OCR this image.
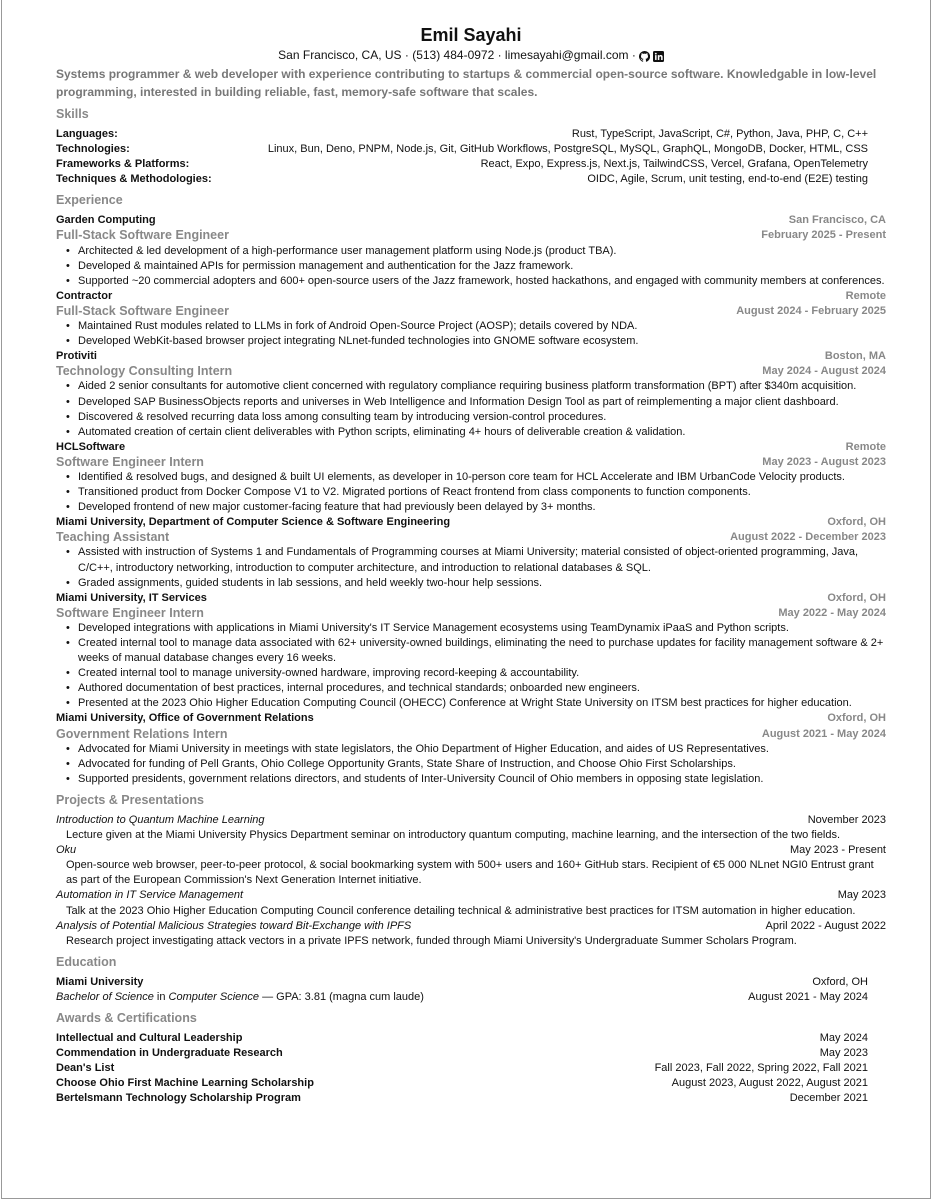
Emil Sayahi
San Francisco, CA, US · (513) 484-0972 · limesayahi@gmail.com ·
Systems programmer & web developer with experience contributing to startups & commercial open-source software. Knowledgable in low-level programming, interested in building reliable, fast, memory-safe software that scales.
Skills
Languages:	Rust, TypeScript, JavaScript, C#, Python, Java, PHP, C, C++
Technologies:	Linux, Bun, Deno, PNPM, Node.js, Git, GitHub Workflows, PostgreSQL, MySQL, GraphQL, MongoDB, Docker, HTML, CSS
Frameworks & Platforms:	React, Expo, Express.js, Next.js, TailwindCSS, Vercel, Grafana, OpenTelemetry
Techniques & Methodologies:	OIDC, Agile, Scrum, unit testing, end-to-end (E2E) testing
Experience
Garden Computing	San Francisco, CA
Full-Stack Software Engineer	February 2025 - Present
• Architected & led development of a high-performance user management platform using Node.js (product TBA).
• Developed & maintained APIs for permission management and authentication for the Jazz framework.
• Supported ~20 commercial adopters and 600+ open-source users of the Jazz framework, hosted hackathons, and engaged with community members at conferences.
Contractor	Remote
Full-Stack Software Engineer	August 2024 - February 2025
• Maintained Rust modules related to LLMs in fork of Android Open-Source Project (AOSP); details covered by NDA.
• Developed WebKit-based browser project integrating NLnet-funded technologies into GNOME software ecosystem.
Protiviti	Boston, MA
Technology Consulting Intern	May 2024 - August 2024
• Aided 2 senior consultants for automotive client concerned with regulatory compliance requiring business platform transformation (BPT) after $340m acquisition.
• Developed SAP BusinessObjects reports and universes in Web Intelligence and Information Design Tool as part of reimplementing a major client dashboard.
• Discovered & resolved recurring data loss among consulting team by introducing version-control procedures.
• Automated creation of certain client deliverables with Python scripts, eliminating 4+ hours of deliverable creation & validation.
HCLSoftware	Remote
Software Engineer Intern	May 2023 - August 2023
• Identified & resolved bugs, and designed & built UI elements, as developer in 10-person core team for HCL Accelerate and IBM UrbanCode Velocity products.
• Transitioned product from Docker Compose V1 to V2. Migrated portions of React frontend from class components to function components.
• Developed frontend of new major customer-facing feature that had previously been delayed by 3+ months.
Miami University, Department of Computer Science & Software Engineering	Oxford, OH
Teaching Assistant	August 2022 - December 2023
• Assisted with instruction of Systems 1 and Fundamentals of Programming courses at Miami University; material consisted of object-oriented programming, Java, C/C++, introductory networking, introduction to computer architecture, and introduction to relational databases & SQL.
• Graded assignments, guided students in lab sessions, and held weekly two-hour help sessions.
Miami University, IT Services	Oxford, OH
Software Engineer Intern	May 2022 - May 2024
• Developed integrations with applications in Miami University's IT Service Management ecosystems using TeamDynamix iPaaS and Python scripts.
• Created internal tool to manage data associated with 62+ university-owned buildings, eliminating the need to purchase updates for facility management software & 2+ weeks of manual database changes every 16 weeks.
• Created internal tool to manage university-owned hardware, improving record-keeping & accountability.
• Authored documentation of best practices, internal procedures, and technical standards; onboarded new engineers.
• Presented at the 2023 Ohio Higher Education Computing Council (OHECC) Conference at Wright State University on ITSM best practices for higher education.
Miami University, Office of Government Relations	Oxford, OH
Government Relations Intern	August 2021 - May 2024
• Advocated for Miami University in meetings with state legislators, the Ohio Department of Higher Education, and aides of US Representatives.
• Advocated for funding of Pell Grants, Ohio College Opportunity Grants, State Share of Instruction, and Choose Ohio First Scholarships.
• Supported presidents, government relations directors, and students of Inter-University Council of Ohio members in opposing state legislation.
Projects & Presentations
Introduction to Quantum Machine Learning	November 2023
Lecture given at the Miami University Physics Department seminar on introductory quantum computing, machine learning, and the intersection of the two fields.
Oku	May 2023 - Present
Open-source web browser, peer-to-peer protocol, & social bookmarking system with 500+ users and 160+ GitHub stars. Recipient of €5 000 NLnet NGI0 Entrust grant as part of the European Commission's Next Generation Internet initiative.
Automation in IT Service Management	May 2023
Talk at the 2023 Ohio Higher Education Computing Council conference detailing technical & administrative best practices for ITSM automation in higher education.
Analysis of Potential Malicious Strategies toward Bit-Exchange with IPFS	April 2022 - August 2022
Research project investigating attack vectors in a private IPFS network, funded through Miami University's Undergraduate Summer Scholars Program.
Education
Miami University	Oxford, OH
Bachelor of Science in Computer Science — GPA: 3.81 (magna cum laude)	August 2021 - May 2024
Awards & Certifications
Intellectual and Cultural Leadership	May 2024
Commendation in Undergraduate Research	May 2023
Dean's List	Fall 2023, Fall 2022, Spring 2022, Fall 2021
Choose Ohio First Machine Learning Scholarship	August 2023, August 2022, August 2021
Bertelsmann Technology Scholarship Program	December 2021
